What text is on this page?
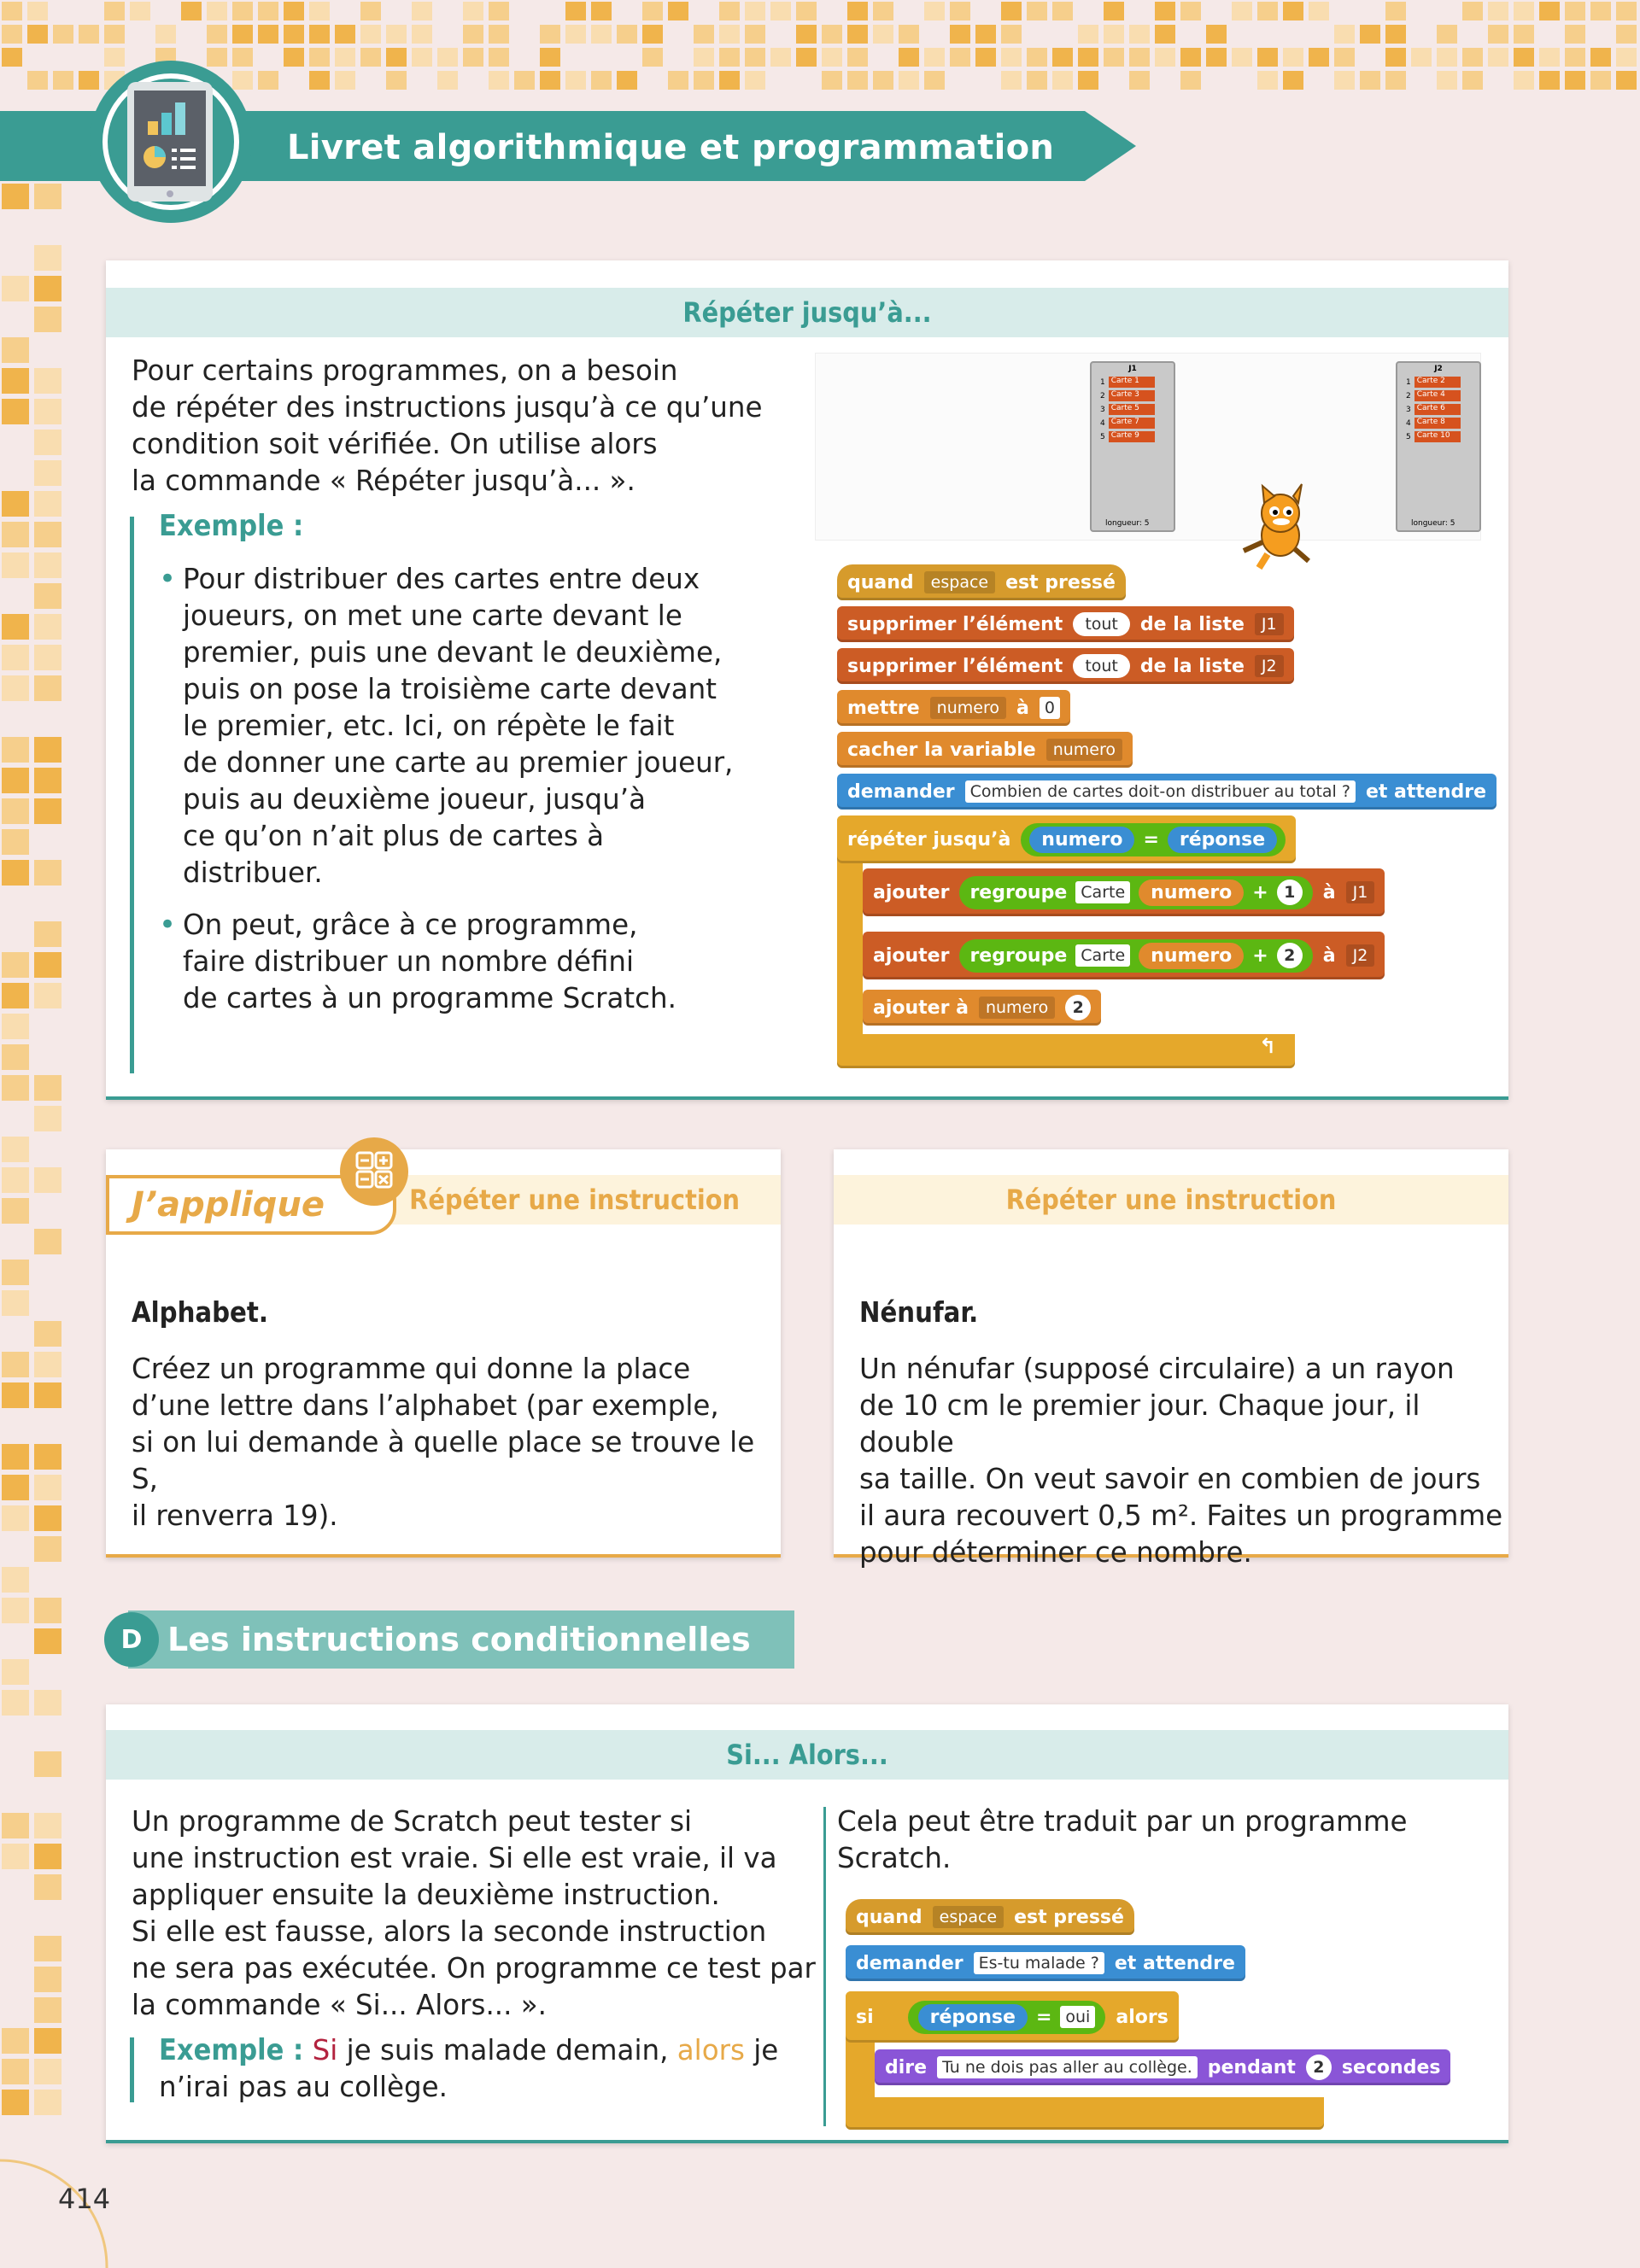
Livret algorithmique et programmation
Répéter jusqu’à...
Pour certains programmes, on a besoin
de répéter des instructions jusqu’à ce qu’une
condition soit vérifiée. On utilise alors
la commande « Répéter jusqu’à... ».
Exemple :
• Pour distribuer des cartes entre deux
joueurs, on met une carte devant le
premier, puis une devant le deuxième,
puis on pose la troisième carte devant
le premier, etc. Ici, on répète le fait
de donner une carte au premier joueur,
puis au deuxième joueur, jusqu’à
ce qu’on n’ait plus de cartes à
distribuer.
• On peut, grâce à ce programme,
faire distribuer un nombre défini
de cartes à un programme Scratch.
J1
1 Carte 1
2 Carte 3
3 Carte 5
4 Carte 7
5 Carte 9
longueur: 5
J2
1 Carte 2
2 Carte 4
3 Carte 6
4 Carte 8
5 Carte 10
longueur: 5
quand	espace est pressé
supprimer l’élément	tout	de la liste	J1
supprimer l’élément	tout	de la liste	J2
mettre	numero à 0
cacher la variable	numero
demander Combien de cartes doit-on distribuer au total ? et attendre
↰
répéter jusqu’à	numero	=	réponse
ajouter regroupe Carte	numero	+ 1	à	J1
ajouter regroupe Carte	numero	+ 2	à	J2
ajouter à	numero	2
Répéter une instruction
Alphabet.
Créez un programme qui donne la place
d’une lettre dans l’alphabet (par exemple,
si on lui demande à quelle place se trouve le S,
il renverra 19).
J’applique	Répéter une instruction
Nénufar.
Un nénufar (supposé circulaire) a un rayon
de 10 cm le premier jour. Chaque jour, il double
sa taille. On veut savoir en combien de jours
il aura recouvert 0,5 m². Faites un programme
pour déterminer ce nombre.
D Les instructions conditionnelles
Si... Alors...
Un programme de Scratch peut tester si
une instruction est vraie. Si elle est vraie, il va
appliquer ensuite la deuxième instruction.
Si elle est fausse, alors la seconde instruction
ne sera pas exécutée. On programme ce test par
la commande « Si... Alors... ».
Exemple : Si je suis malade demain, alors je
n’irai pas au collège.
Cela peut être traduit par un programme Scratch.
quand	espace est pressé
demander Es-tu malade ? et attendre
si	réponse	= oui alors
dire Tu ne dois pas aller au collège. pendant	2 secondes
414
